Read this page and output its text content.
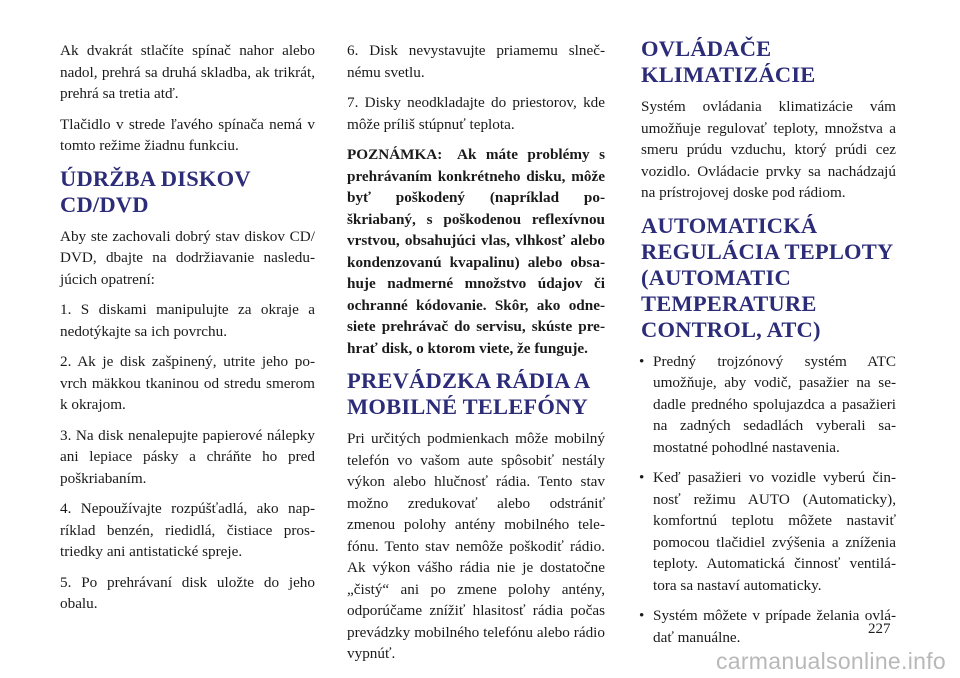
Ak dvakrát stlačíte spínač nahor alebo nadol, prehrá sa druhá skladba, ak trikrát, prehrá sa tretia atď.

Tlačidlo v strede ľavého spínača nemá v tomto režime žiadnu funkciu.

ÚDRŽBA DISKOV CD/DVD

Aby ste zachovali dobrý stav diskov CD/ DVD, dbajte na dodržiavanie nasledujúcich opatrení:

1. S diskami manipulujte za okraje a nedotýkajte sa ich povrchu.

2. Ak je disk zašpinený, utrite jeho povrch mäkkou tkaninou od stredu smerom k okrajom.

3. Na disk nenalepujte papierové nálepky ani lepiace pásky a chráňte ho pred poškriabaním.

4. Nepoužívajte rozpúšťadlá, ako napríklad benzén, riedidlá, čistiace prostriedky ani antistatické spreje.

5. Po prehrávaní disk uložte do jeho obalu.

6. Disk nevystavujte priamemu slnečnému svetlu.

7. Disky neodkladajte do priestorov, kde môže príliš stúpnuť teplota.

POZNÁMKA: Ak máte problémy s prehrávaním konkrétneho disku, môže byť poškodený (napríklad poškriabaný, s poškodenou reflexívnou vrstvou, obsahujúci vlas, vlhkosť alebo kondenzovanú kvapalinu) alebo obsahuje nadmerné množstvo údajov či ochranné kódovanie. Skôr, ako odnesiete prehrávač do servisu, skúste prehrať disk, o ktorom viete, že funguje.

PREVÁDZKA RÁDIA A MOBILNÉ TELEFÓNY

Pri určitých podmienkach môže mobilný telefón vo vašom aute spôsobiť nestály výkon alebo hlučnosť rádia. Tento stav možno zredukovať alebo odstrániť zmenou polohy antény mobilného telefónu. Tento stav nemôže poškodiť rádio. Ak výkon vášho rádia nie je dostatočne „čistý“ ani po zmene polohy antény, odporúčame znížiť hlasitosť rádia počas prevádzky mobilného telefónu alebo rádio vypnúť.

OVLÁDAČE KLIMATIZÁCIE

Systém ovládania klimatizácie vám umožňuje regulovať teploty, množstva a smeru prúdu vzduchu, ktorý prúdi cez vozidlo. Ovládacie prvky sa nachádzajú na prístrojovej doske pod rádiom.

AUTOMATICKÁ REGULÁCIA TEPLOTY (AUTOMATIC TEMPERATURE CONTROL, ATC)
• Predný trojzónový systém ATC umožňuje, aby vodič, pasažier na sedadle predného spolujazdca a pasažieri na zadných sedadlách vyberali samostatné pohodlné nastavenia.
• Keď pasažieri vo vozidle vyberú činnosť režimu AUTO (Automaticky), komfortnú teplotu môžete nastaviť pomocou tlačidiel zvýšenia a zníženia teploty. Automatická činnosť ventilátora sa nastaví automaticky.
• Systém môžete v prípade želania ovládať manuálne.	227
carmanualsonline.info
